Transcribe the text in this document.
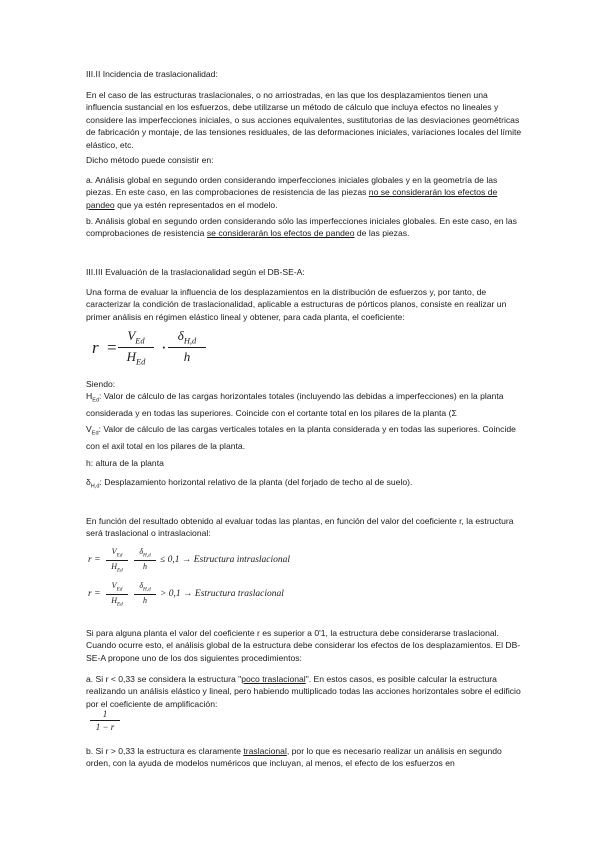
III.II Incidencia de traslacionalidad:
En el caso de las estructuras traslacionales, o no arriostradas, en las que los desplazamientos tienen una influencia sustancial en los esfuerzos, debe utilizarse un método de cálculo que incluya efectos no lineales y considere las imperfecciones iniciales, o sus acciones equivalentes, sustitutorias de las desviaciones geométricas de fabricación y montaje, de las tensiones residuales, de las deformaciones iniciales, variaciones locales del límite elástico, etc.
Dicho método puede consistir en:
a. Análisis global en segundo orden considerando imperfecciones iniciales globales y en la geometría de las piezas. En este caso, en las comprobaciones de resistencia de las piezas no se considerarán los efectos de pandeo que ya estén representados en el modelo.
b. Análisis global en segundo orden considerando sólo las imperfecciones iniciales globales. En este caso, en las comprobaciones de resistencia se considerarán los efectos de pandeo de las piezas.
III.III Evaluación de la traslacionalidad según el DB-SE-A:
Una forma de evaluar la influencia de los desplazamientos en la distribución de esfuerzos y, por tanto, de caracterizar la condición de traslacionalidad, aplicable a estructuras de pórticos planos, consiste en realizar un primer análisis en régimen elástico lineal y obtener, para cada planta, el coeficiente:
r =
$V_{Ed}$
$H_{Ed}$
·
$\delta_{H,d}$
h
Siendo:
$H_{Ed}$: Valor de cálculo de las cargas horizontales totales (incluyendo las debidas a imperfecciones) en la planta considerada y en todas las superiores. Coincide con el cortante total en los pilares de la planta (Σ
$V_{Ed}$: Valor de cálculo de las cargas verticales totales en la planta considerada y en todas las superiores. Coincide con el axil total en los pilares de la planta.
h: altura de la planta
$\delta_{H,d}$: Desplazamiento horizontal relativo de la planta (del forjado de techo al de suelo).
En función del resultado obtenido al evaluar todas las plantas, en función del valor del coeficiente r, la estructura será traslacional o intraslacional:
r =
$V_{Ed}$
$H_{Ed}$
$\delta_{H,d}$
h
≤ 0,1 → Estructura intraslacional
r =
$V_{Ed}$
$H_{Ed}$
$\delta_{H,d}$
h
> 0,1 → Estructura traslacional
Si para alguna planta el valor del coeficiente r es superior a 0'1, la estructura debe considerarse traslacional. Cuando ocurre esto, el análisis global de la estructura debe considerar los efectos de los desplazamientos. El DB-SE-A propone uno de los dos siguientes procedimientos:
a. Si r < 0,33 se considera la estructura "poco traslacional". En estos casos, es posible calcular la estructura realizando un análisis elástico y lineal, pero habiendo multiplicado todas las acciones horizontales sobre el edificio por el coeficiente de amplificación:
1
1 − r
b. Si r > 0,33 la estructura es claramente traslacional, por lo que es necesario realizar un análisis en segundo orden, con la ayuda de modelos numéricos que incluyan, al menos, el efecto de los esfuerzos en
